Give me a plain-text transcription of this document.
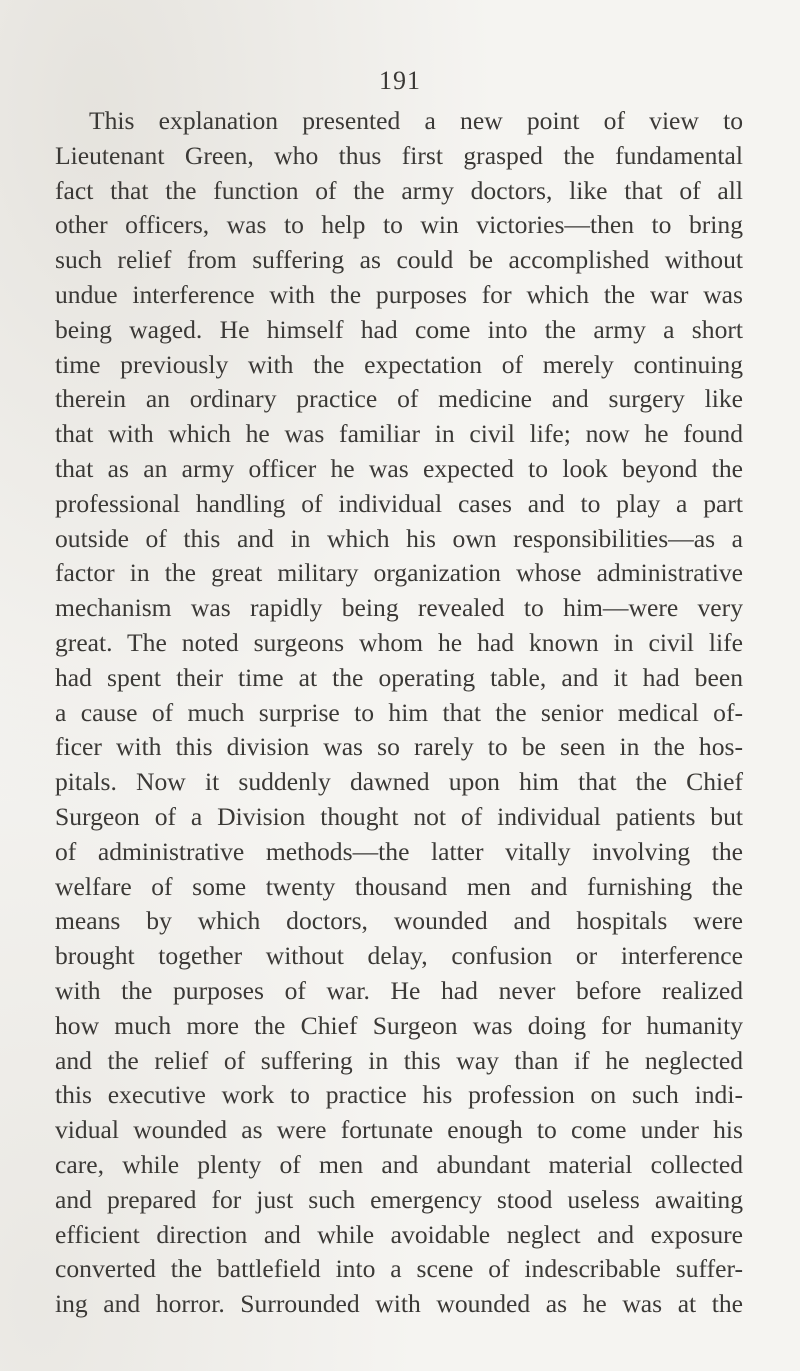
191
This explanation presented a new point of view to
Lieutenant Green, who thus first grasped the fundamental
fact that the function of the army doctors, like that of all
other officers, was to help to win victories—then to bring
such relief from suffering as could be accomplished without
undue interference with the purposes for which the war was
being waged. He himself had come into the army a short
time previously with the expectation of merely continuing
therein an ordinary practice of medicine and surgery like
that with which he was familiar in civil life; now he found
that as an army officer he was expected to look beyond the
professional handling of individual cases and to play a part
outside of this and in which his own responsibilities—as a
factor in the great military organization whose administrative
mechanism was rapidly being revealed to him—were very
great. The noted surgeons whom he had known in civil life
had spent their time at the operating table, and it had been
a cause of much surprise to him that the senior medical of-
ficer with this division was so rarely to be seen in the hos-
pitals. Now it suddenly dawned upon him that the Chief
Surgeon of a Division thought not of individual patients but
of administrative methods—the latter vitally involving the
welfare of some twenty thousand men and furnishing the
means by which doctors, wounded and hospitals were
brought together without delay, confusion or interference
with the purposes of war. He had never before realized
how much more the Chief Surgeon was doing for humanity
and the relief of suffering in this way than if he neglected
this executive work to practice his profession on such indi-
vidual wounded as were fortunate enough to come under his
care, while plenty of men and abundant material collected
and prepared for just such emergency stood useless awaiting
efficient direction and while avoidable neglect and exposure
converted the battlefield into a scene of indescribable suffer-
ing and horror. Surrounded with wounded as he was at the
